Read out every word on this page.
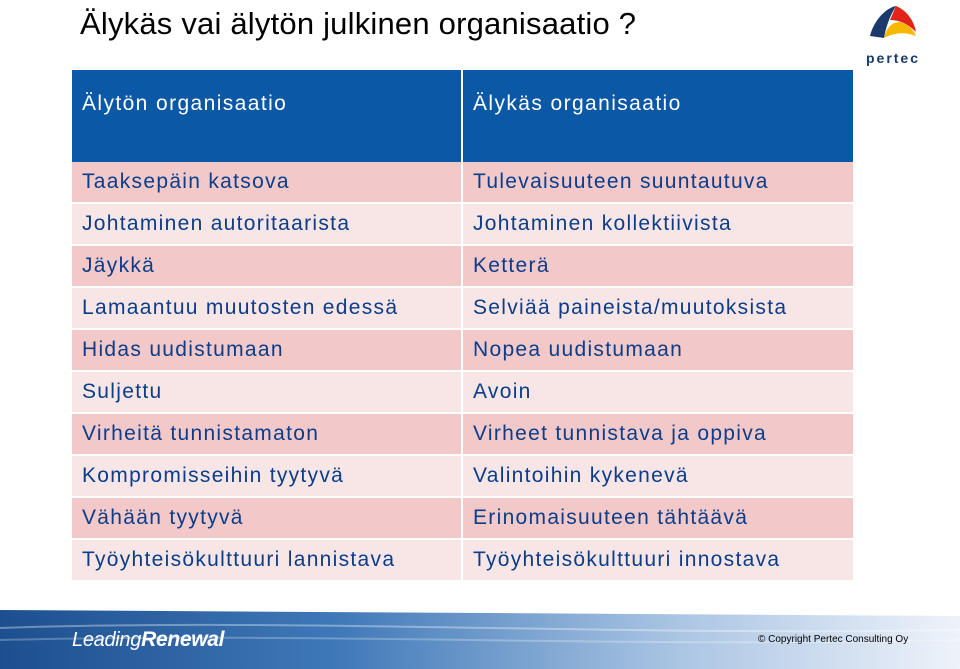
Älykäs vai älytön julkinen organisaatio ?
pertec
Älytön organisaatio	Älykäs organisaatio
Taaksepäin katsova	Tulevaisuuteen suuntautuva
Johtaminen autoritaarista	Johtaminen kollektiivista
Jäykkä	Ketterä
Lamaantuu muutosten edessä	Selviää paineista/muutoksista
Hidas uudistumaan	Nopea uudistumaan
Suljettu	Avoin
Virheitä tunnistamaton	Virheet tunnistava ja oppiva
Kompromisseihin tyytyvä	Valintoihin kykenevä
Vähään tyytyvä	Erinomaisuuteen tähtäävä
Työyhteisökulttuuri lannistava	Työyhteisökulttuuri innostava
LeadingRenewal	© Copyright Pertec Consulting Oy
